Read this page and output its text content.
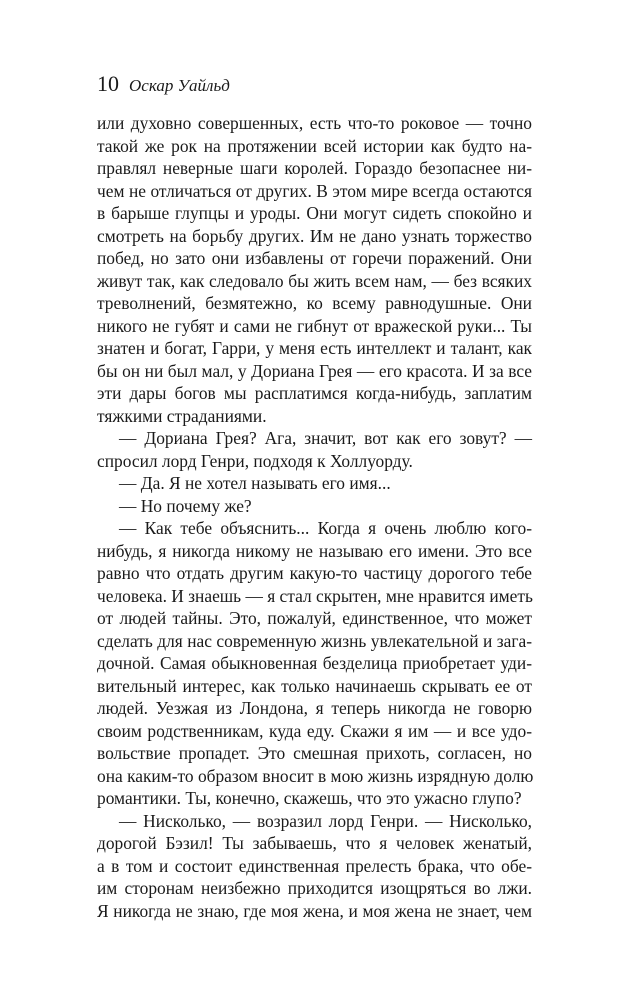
10 Оскар Уайльд
или духовно совершенных, есть что-то роковое — точно
такой же рок на протяжении всей истории как будто на-
правлял неверные шаги королей. Гораздо безопаснее ни-
чем не отличаться от других. В этом мире всегда остаются
в барыше глупцы и уроды. Они могут сидеть спокойно и
смотреть на борьбу других. Им не дано узнать торжество
побед, но зато они избавлены от горечи поражений. Они
живут так, как следовало бы жить всем нам, — без всяких
треволнений, безмятежно, ко всему равнодушные. Они
никого не губят и сами не гибнут от вражеской руки... Ты
знатен и богат, Гарри, у меня есть интеллект и талант, как
бы он ни был мал, у Дориана Грея — его красота. И за все
эти дары богов мы расплатимся когда-нибудь, заплатим
тяжкими страданиями.
— Дориана Грея? Ага, значит, вот как его зовут? —
спросил лорд Генри, подходя к Холлуорду.
— Да. Я не хотел называть его имя...
— Но почему же?
— Как тебе объяснить... Когда я очень люблю кого-
нибудь, я никогда никому не называю его имени. Это все
равно что отдать другим какую-то частицу дорогого тебе
человека. И знаешь — я стал скрытен, мне нравится иметь
от людей тайны. Это, пожалуй, единственное, что может
сделать для нас современную жизнь увлекательной и зага-
дочной. Самая обыкновенная безделица приобретает уди-
вительный интерес, как только начинаешь скрывать ее от
людей. Уезжая из Лондона, я теперь никогда не говорю
своим родственникам, куда еду. Скажи я им — и все удо-
вольствие пропадет. Это смешная прихоть, согласен, но
она каким-то образом вносит в мою жизнь изрядную долю
романтики. Ты, конечно, скажешь, что это ужасно глупо?
— Нисколько, — возразил лорд Генри. — Нисколько,
дорогой Бэзил! Ты забываешь, что я человек женатый,
а в том и состоит единственная прелесть брака, что обе-
им сторонам неизбежно приходится изощряться во лжи.
Я никогда не знаю, где моя жена, и моя жена не знает, чем
